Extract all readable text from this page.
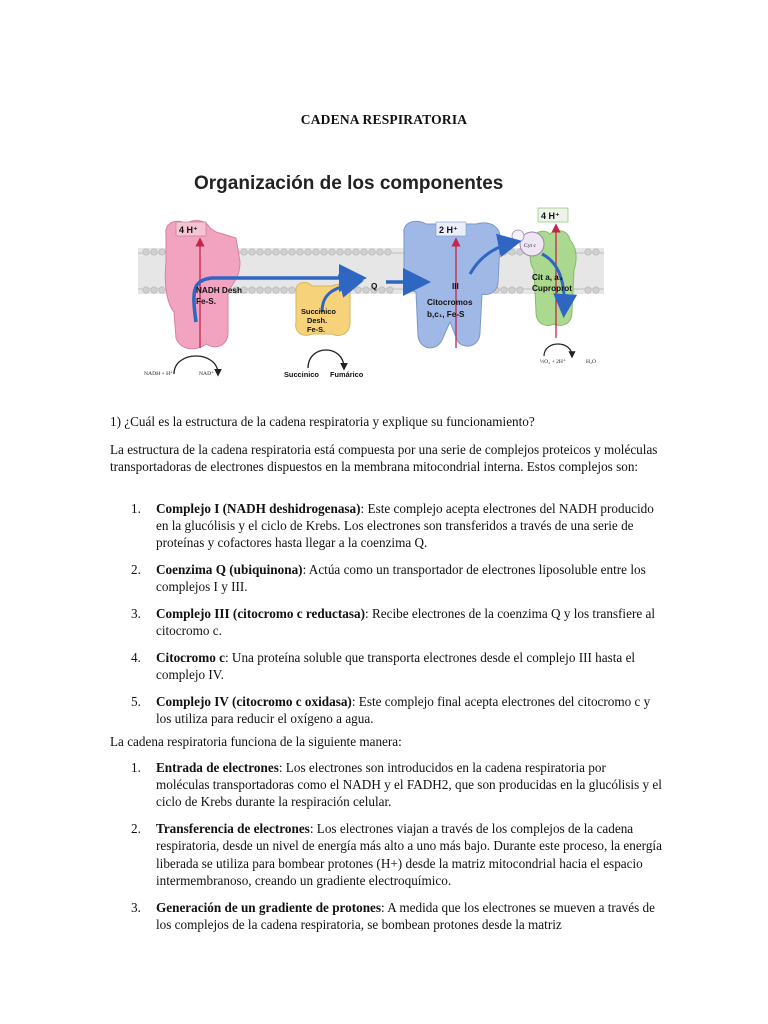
CADENA RESPIRATORIA
Organización de los componentes
4 H⁺	2 H⁺
4 H⁺
NADH Desh
Fe-S.
Q
Succinico
Desh.
Fe-S.
III
Citocromos
b,c₁, Fe-S
Cyt c
Cit a, a₃
Cuproprot
NADH + H⁺	NAD⁺	Succinico Fumárico
½O₂ + 2H⁺	H₂O
1) ¿Cuál es la estructura de la cadena respiratoria y explique su funcionamiento?
La estructura de la cadena respiratoria está compuesta por una serie de complejos proteicos y moléculas transportadoras de electrones dispuestos en la membrana mitocondrial interna. Estos complejos son:
1. Complejo I (NADH deshidrogenasa): Este complejo acepta electrones del NADH producido en la glucólisis y el ciclo de Krebs. Los electrones son transferidos a través de una serie de proteínas y cofactores hasta llegar a la coenzima Q.
2. Coenzima Q (ubiquinona): Actúa como un transportador de electrones liposoluble entre los complejos I y III.
3. Complejo III (citocromo c reductasa): Recibe electrones de la coenzima Q y los transfiere al citocromo c.
4. Citocromo c: Una proteína soluble que transporta electrones desde el complejo III hasta el complejo IV.
5. Complejo IV (citocromo c oxidasa): Este complejo final acepta electrones del citocromo c y los utiliza para reducir el oxígeno a agua.
La cadena respiratoria funciona de la siguiente manera:
1. Entrada de electrones: Los electrones son introducidos en la cadena respiratoria por moléculas transportadoras como el NADH y el FADH2, que son producidas en la glucólisis y el ciclo de Krebs durante la respiración celular.
2. Transferencia de electrones: Los electrones viajan a través de los complejos de la cadena respiratoria, desde un nivel de energía más alto a uno más bajo. Durante este proceso, la energía liberada se utiliza para bombear protones (H+) desde la matriz mitocondrial hacia el espacio intermembranoso, creando un gradiente electroquímico.
3. Generación de un gradiente de protones: A medida que los electrones se mueven a través de los complejos de la cadena respiratoria, se bombean protones desde la matriz
